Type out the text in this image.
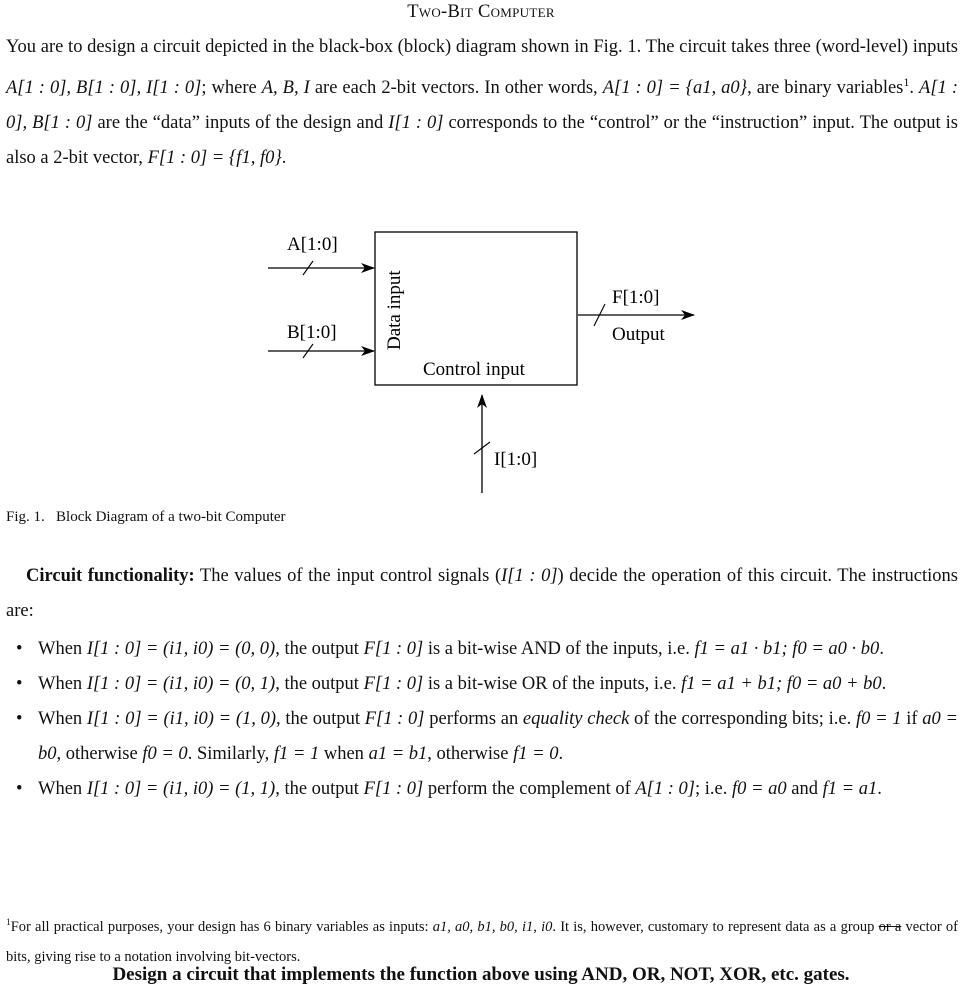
Two-Bit Computer
You are to design a circuit depicted in the black-box (block) diagram shown in Fig. 1. The circuit takes three (word-level) inputs A[1 : 0], B[1 : 0], I[1 : 0]; where A, B, I are each 2-bit vectors. In other words, A[1 : 0] = {a1, a0}, are binary variables$^1$. A[1 : 0], B[1 : 0] are the “data” inputs of the design and I[1 : 0] corresponds to the “control” or the “instruction” input. The output is also a 2-bit vector, F[1 : 0] = {f1, f0}.
A[1:0]
B[1:0] Data input
Control input
F[1:0]
Output
I[1:0]
Fig. 1. Block Diagram of a two-bit Computer
Circuit functionality: The values of the input control signals (I[1 : 0]) decide the operation of this circuit. The instructions are:
• When I[1 : 0] = (i1, i0) = (0, 0), the output F[1 : 0] is a bit-wise AND of the inputs, i.e. f1 = a1 · b1; f0 = a0 · b0.
• When I[1 : 0] = (i1, i0) = (0, 1), the output F[1 : 0] is a bit-wise OR of the inputs, i.e. f1 = a1 + b1; f0 = a0 + b0.
• When I[1 : 0] = (i1, i0) = (1, 0), the output F[1 : 0] performs an equality check of the corresponding bits; i.e. f0 = 1 if a0 = b0, otherwise f0 = 0. Similarly, f1 = 1 when a1 = b1, otherwise f1 = 0.
• When I[1 : 0] = (i1, i0) = (1, 1), the output F[1 : 0] perform the complement of A[1 : 0]; i.e. f0 = a0 and f1 = a1.
$^1$For all practical purposes, your design has 6 binary variables as inputs: a1, a0, b1, b0, i1, i0. It is, however, customary to represent data as a group or a vector of bits, giving rise to a notation involving bit-vectors.
Design a circuit that implements the function above using AND, OR, NOT, XOR, etc. gates.
